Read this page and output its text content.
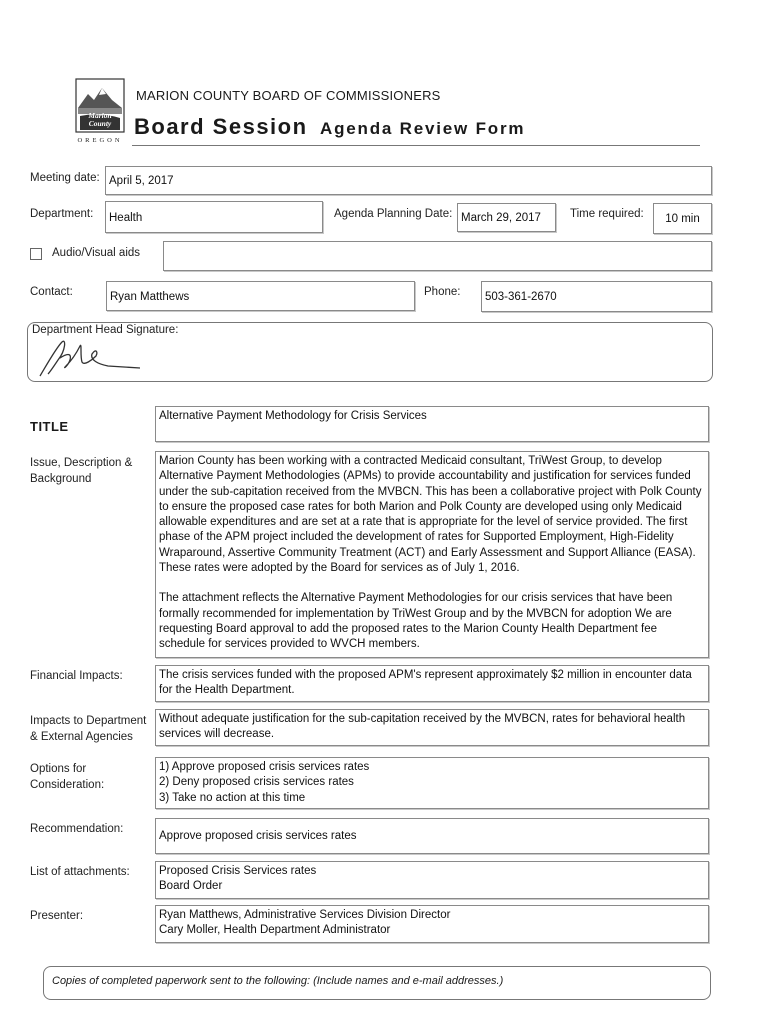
Marion County
OREGON
MARION COUNTY BOARD OF COMMISSIONERS
Board Session Agenda Review Form
Meeting date: April 5, 2017
Department:	Health	Agenda Planning Date: March 29, 2017	Time required:	10 min
Audio/Visual aids
Contact:	Ryan Matthews	Phone:	503-361-2670
Department Head Signature:
TITLE
Alternative Payment Methodology for Crisis Services
Issue, Description &
Background
Marion County has been working with a contracted Medicaid consultant, TriWest Group, to develop Alternative Payment Methodologies (APMs) to provide accountability and justification for services funded under the sub-capitation received from the MVBCN. This has been a collaborative project with Polk County to ensure the proposed case rates for both Marion and Polk County are developed using only Medicaid allowable expenditures and are set at a rate that is appropriate for the level of service provided. The first phase of the APM project included the development of rates for Supported Employment, High-Fidelity Wraparound, Assertive Community Treatment (ACT) and Early Assessment and Support Alliance (EASA). These rates were adopted by the Board for services as of July 1, 2016.
The attachment reflects the Alternative Payment Methodologies for our crisis services that have been formally recommended for implementation by TriWest Group and by the MVBCN for adoption We are requesting Board approval to add the proposed rates to the Marion County Health Department fee schedule for services provided to WVCH members.
Financial Impacts:	The crisis services funded with the proposed APM's represent approximately $2 million in encounter data for the Health Department.
Impacts to Department
& External Agencies
Without adequate justification for the sub-capitation received by the MVBCN, rates for behavioral health services will decrease.
Options for
Consideration:
1) Approve proposed crisis services rates
2) Deny proposed crisis services rates
3) Take no action at this time
Recommendation:
Approve proposed crisis services rates
List of attachments:	Proposed Crisis Services rates
Board Order
Presenter:	Ryan Matthews, Administrative Services Division Director
Cary Moller, Health Department Administrator
Copies of completed paperwork sent to the following: (Include names and e-mail addresses.)
